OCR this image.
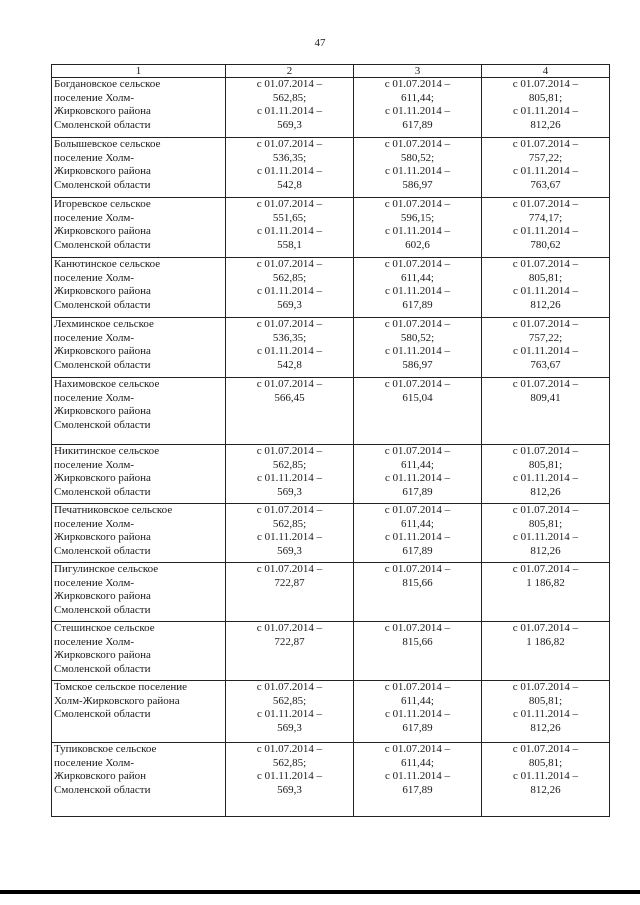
47
1	2	3	4

Богдановское сельское
поселение Холм-
Жирковского района
Смоленской области	с 01.07.2014 –
562,85;
с 01.11.2014 –
569,3	с 01.07.2014 –
611,44;
с 01.11.2014 –
617,89	с 01.07.2014 –
805,81;
с 01.11.2014 –
812,26

Болышевское сельское
поселение Холм-
Жирковского района
Смоленской области	с 01.07.2014 –
536,35;
с 01.11.2014 –
542,8	с 01.07.2014 –
580,52;
с 01.11.2014 –
586,97	с 01.07.2014 –
757,22;
с 01.11.2014 –
763,67

Игоревское сельское
поселение Холм-
Жирковского района
Смоленской области	с 01.07.2014 –
551,65;
с 01.11.2014 –
558,1	с 01.07.2014 –
596,15;
с 01.11.2014 –
602,6	с 01.07.2014 –
774,17;
с 01.11.2014 –
780,62

Канютинское сельское
поселение Холм-
Жирковского района
Смоленской области	с 01.07.2014 –
562,85;
с 01.11.2014 –
569,3	с 01.07.2014 –
611,44;
с 01.11.2014 –
617,89	с 01.07.2014 –
805,81;
с 01.11.2014 –
812,26

Лехминское сельское
поселение Холм-
Жирковского района
Смоленской области	с 01.07.2014 –
536,35;
с 01.11.2014 –
542,8	с 01.07.2014 –
580,52;
с 01.11.2014 –
586,97	с 01.07.2014 –
757,22;
с 01.11.2014 –
763,67

Нахимовское сельское
поселение Холм-
Жирковского района
Смоленской области	с 01.07.2014 –
566,45	с 01.07.2014 –
615,04	с 01.07.2014 –
809,41

Никитинское сельское
поселение Холм-
Жирковского района
Смоленской области	с 01.07.2014 –
562,85;
с 01.11.2014 –
569,3	с 01.07.2014 –
611,44;
с 01.11.2014 –
617,89	с 01.07.2014 –
805,81;
с 01.11.2014 –
812,26

Печатниковское сельское
поселение Холм-
Жирковского района
Смоленской области	с 01.07.2014 –
562,85;
с 01.11.2014 –
569,3	с 01.07.2014 –
611,44;
с 01.11.2014 –
617,89	с 01.07.2014 –
805,81;
с 01.11.2014 –
812,26

Пигулинское сельское
поселение Холм-
Жирковского района
Смоленской области	с 01.07.2014 –
722,87	с 01.07.2014 –
815,66	с 01.07.2014 –
1 186,82

Стешинское сельское
поселение Холм-
Жирковского района
Смоленской области	с 01.07.2014 –
722,87	с 01.07.2014 –
815,66	с 01.07.2014 –
1 186,82

Томское сельское поселение
Холм-Жирковского района
Смоленской области	с 01.07.2014 –
562,85;
с 01.11.2014 –
569,3	с 01.07.2014 –
611,44;
с 01.11.2014 –
617,89	с 01.07.2014 –
805,81;
с 01.11.2014 –
812,26

Тупиковское сельское
поселение Холм-
Жирковского район
Смоленской области	с 01.07.2014 –
562,85;
с 01.11.2014 –
569,3	с 01.07.2014 –
611,44;
с 01.11.2014 –
617,89	с 01.07.2014 –
805,81;
с 01.11.2014 –
812,26
